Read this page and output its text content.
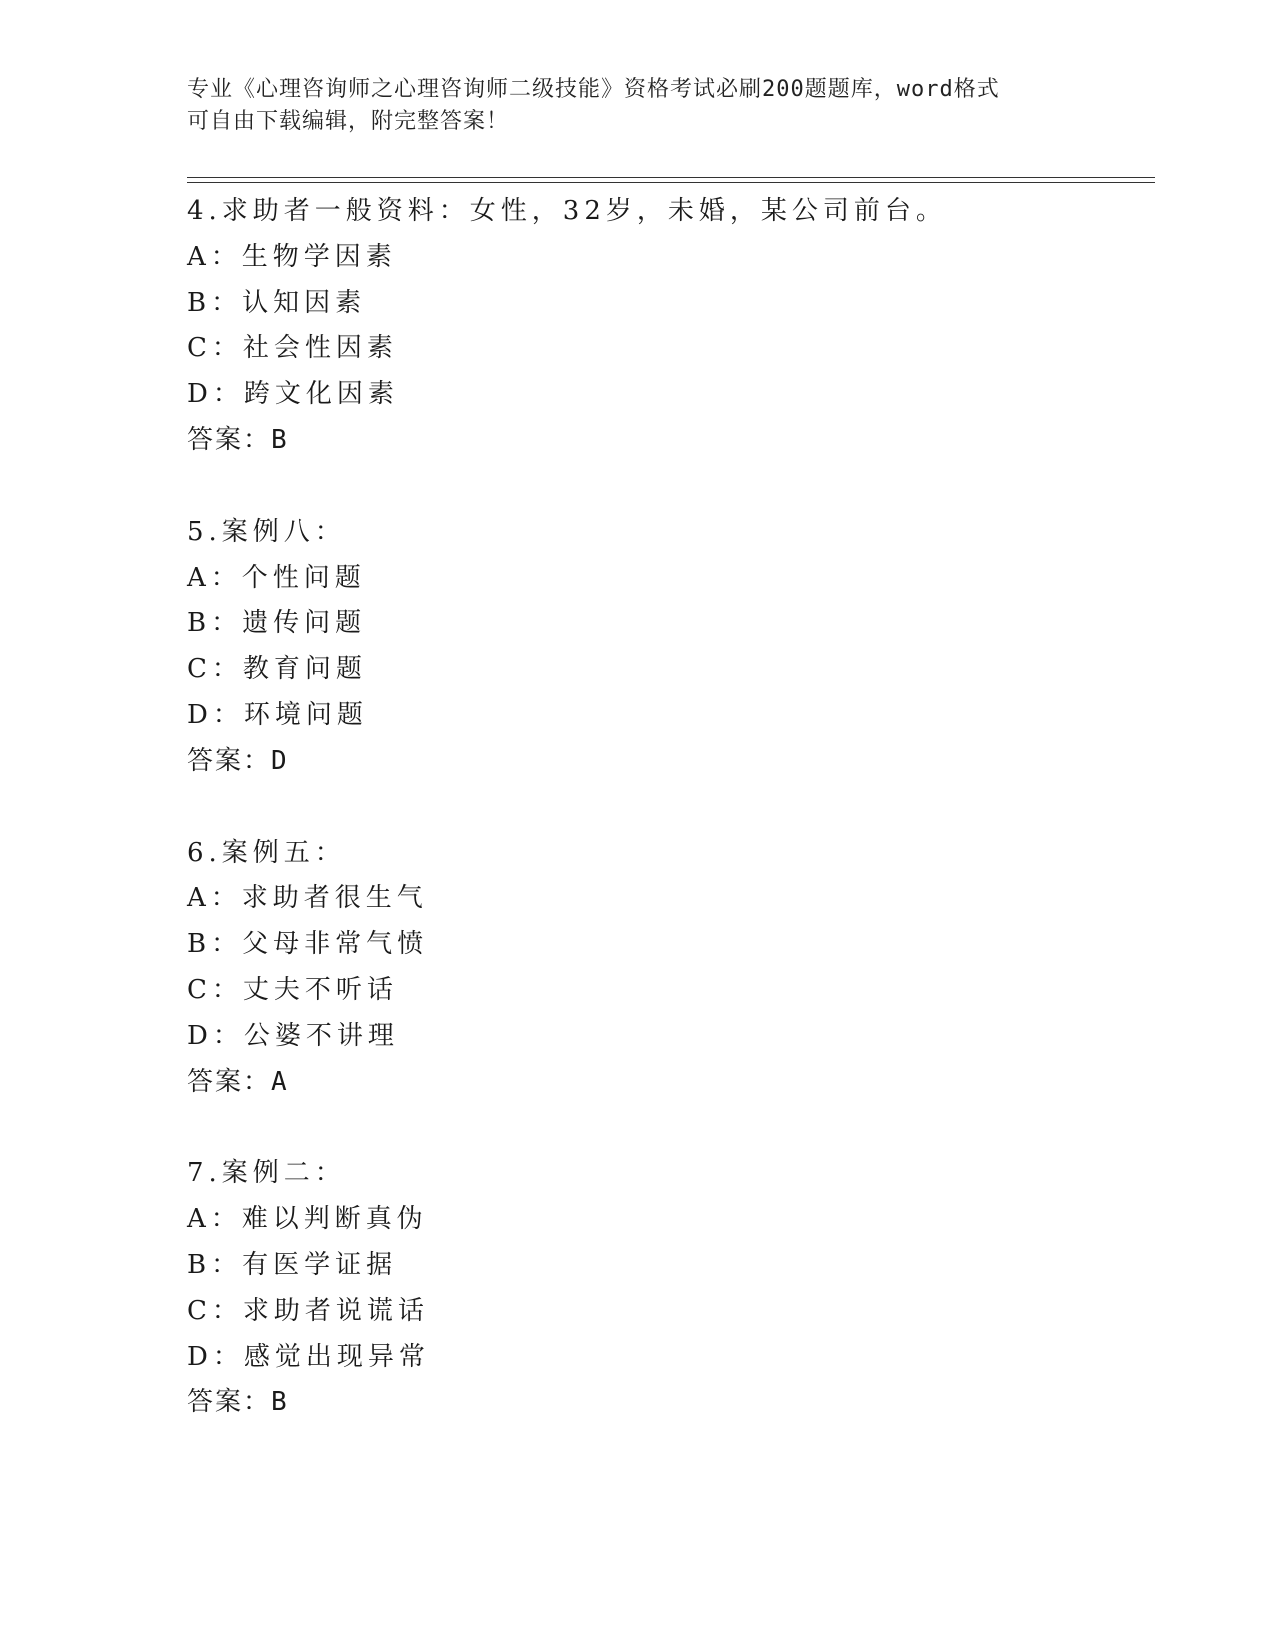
专业《心理咨询师之心理咨询师二级技能》资格考试必刷200题题库，word格式
可自由下载编辑，附完整答案！
4.求助者一般资料：女性，32岁，未婚，某公司前台。
A：生物学因素
B：认知因素
C：社会性因素
D：跨文化因素
答案：B
5.案例八：
A：个性问题
B：遗传问题
C：教育问题
D：环境问题
答案：D
6.案例五：
A：求助者很生气
B：父母非常气愤
C：丈夫不听话
D：公婆不讲理
答案：A
7.案例二：
A：难以判断真伪
B：有医学证据
C：求助者说谎话
D：感觉出现异常
答案：B
